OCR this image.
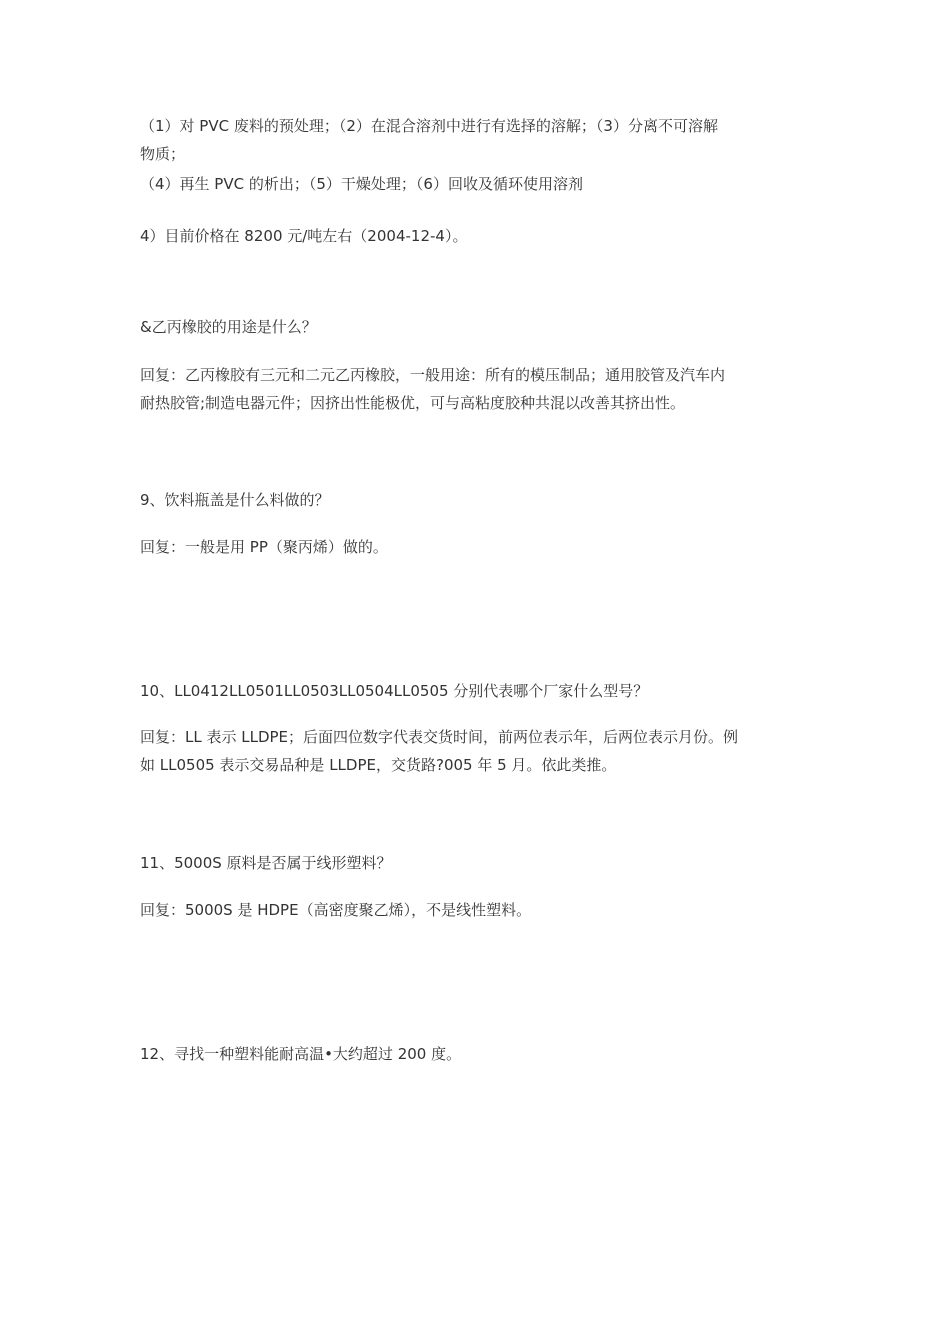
（1）对 PVC 废料的预处理；（2）在混合溶剂中进行有选择的溶解；（3）分离不可溶解
物质；
（4）再生 PVC 的析出；（5）干燥处理；（6）回收及循环使用溶剂
4）目前价格在 8200 元/吨左右（2004-12-4）。
&乙丙橡胶的用途是什么？
回复：乙丙橡胶有三元和二元乙丙橡胶，一般用途：所有的模压制品；通用胶管及汽车内
耐热胶管;制造电器元件；因挤出性能极优，可与高粘度胶种共混以改善其挤出性。
9、饮料瓶盖是什么料做的？
回复：一般是用 PP（聚丙烯）做的。
10、LL0412LL0501LL0503LL0504LL0505 分别代表哪个厂家什么型号？
回复：LL 表示 LLDPE；后面四位数字代表交货时间，前两位表示年，后两位表示月份。例
如 LL0505 表示交易品种是 LLDPE，交货路?005 年 5 月。依此类推。
11、5000S 原料是否属于线形塑料？
回复：5000S 是 HDPE（高密度聚乙烯），不是线性塑料。
12、寻找一种塑料能耐高温•大约超过 200 度。
